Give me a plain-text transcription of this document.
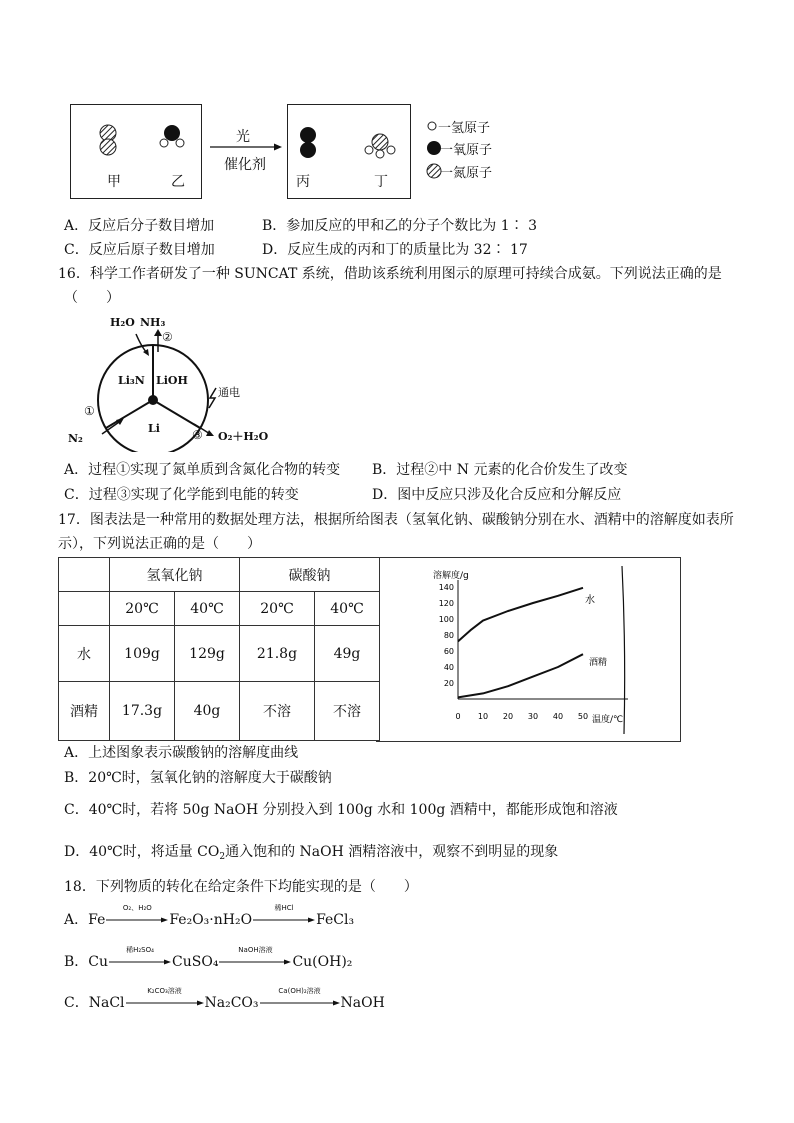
甲	乙
光
催化剂
丙	丁
一氢原子
一氧原子
一氮原子
A．反应后分子数目增加	B．参加反应的甲和乙的分子个数比为 1∶ 3
C．反应后原子数目增加	D．反应生成的丙和丁的质量比为 32∶ 17
16．科学工作者研发了一种 SUNCAT 系统，借助该系统利用图示的原理可持续合成氨。下列说法正确的是
（　　）
H₂O NH₃
②
Li₃N LiOH
Li
通电
①
N₂	③ O₂＋H₂O
A．过程①实现了氮单质到含氮化合物的转变 B．过程②中 N 元素的化合价发生了改变
C．过程③实现了化学能到电能的转变	D．图中反应只涉及化合反应和分解反应
17．图表法是一种常用的数据处理方法，根据所给图表（氢氧化钠、碳酸钠分别在水、酒精中的溶解度如表所
示），下列说法正确的是（　　）
	氢氧化钠		碳酸钠	
	20℃	40℃	20℃	40℃
水	109g	129g	21.8g	49g
酒精	17.3g	40g	不溶	不溶
20
40
60
80
100
120
140
0 10 20 30 40 50
溶解度/g
温度/℃
水
酒精
A．上述图象表示碳酸钠的溶解度曲线
B．20℃时，氢氧化钠的溶解度大于碳酸钠
C．40℃时，若将 50g NaOH 分别投入到 100g 水和 100g 酒精中，都能形成饱和溶液
D．40℃时，将适量 $CO_2$通入饱和的 NaOH 酒精溶液中，观察不到明显的现象
18．下列物质的转化在给定条件下均能实现的是（　　）
A．Fe
O₂、H₂O
Fe₂O₃·nH₂O
稀HCl
FeCl₃
B．Cu
稀H₂SO₄
CuSO₄
NaOH溶液
Cu(OH)₂
C．NaCl
K₂CO₃溶液
Na₂CO₃
Ca(OH)₂溶液
NaOH
